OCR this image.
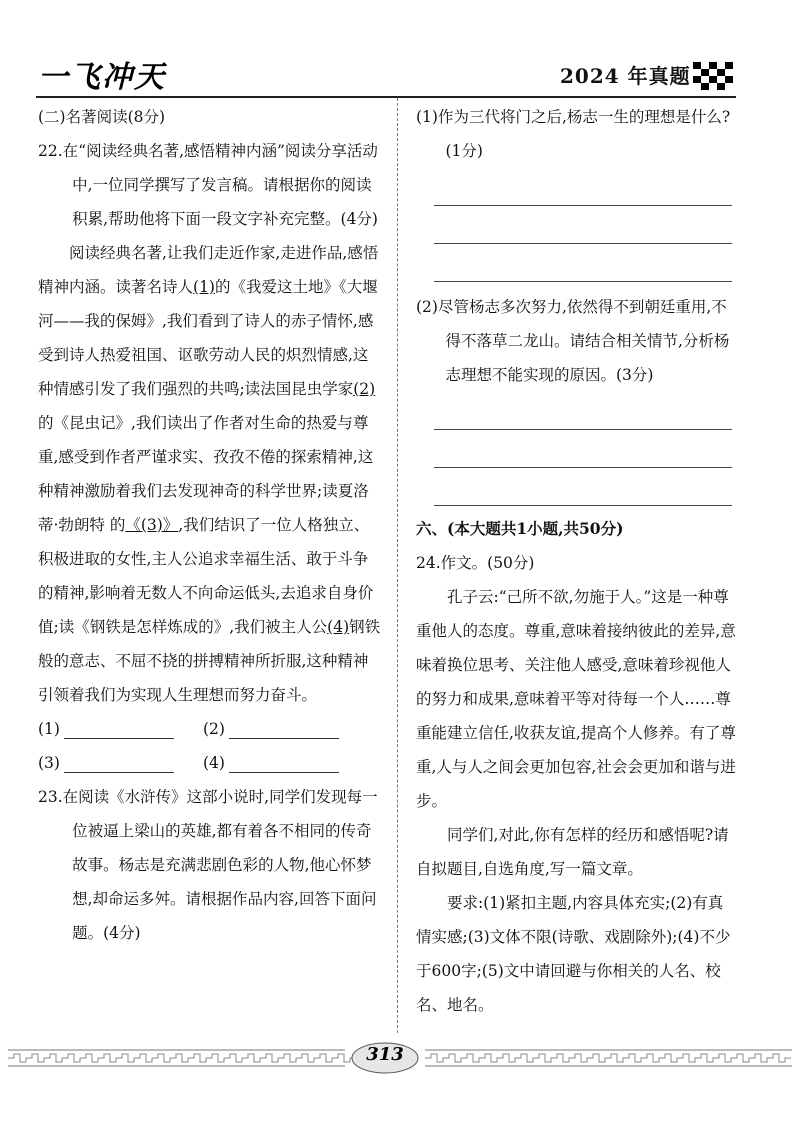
一飞冲天	2024 年真题

(二)名著阅读(8分)

22.在“阅读经典名著,感悟精神内涵”阅读分享活动中,一位同学撰写了发言稿。请根据你的阅读积累,帮助他将下面一段文字补充完整。(4分)

阅读经典名著,让我们走近作家,走进作品,感悟精神内涵。读著名诗人(1)的《我爱这土地》《大堰河——我的保姆》,我们看到了诗人的赤子情怀,感受到诗人热爱祖国、讴歌劳动人民的炽烈情感,这种情感引发了我们强烈的共鸣;读法国昆虫学家(2)的《昆虫记》,我们读出了作者对生命的热爱与尊重,感受到作者严谨求实、孜孜不倦的探索精神,这种精神激励着我们去发现神奇的科学世界;读夏洛蒂·勃朗特 的《(3)》,我们结识了一位人格独立、积极进取的女性,主人公追求幸福生活、敢于斗争的精神,影响着无数人不向命运低头,去追求自身价值;读《钢铁是怎样炼成的》,我们被主人公(4)钢铁般的意志、不屈不挠的拼搏精神所折服,这种精神引领着我们为实现人生理想而努力奋斗。

(1)	(2)
(3)	(4)

23.在阅读《水浒传》这部小说时,同学们发现每一位被逼上梁山的英雄,都有着各不相同的传奇故事。杨志是充满悲剧色彩的人物,他心怀梦想,却命运多舛。请根据作品内容,回答下面问题。(4分)

(1)作为三代将门之后,杨志一生的理想是什么?(1分)

(2)尽管杨志多次努力,依然得不到朝廷重用,不得不落草二龙山。请结合相关情节,分析杨志理想不能实现的原因。(3分)

六、(本大题共1小题,共50分)

24.作文。(50分)

孔子云:“己所不欲,勿施于人。”这是一种尊重他人的态度。尊重,意味着接纳彼此的差异,意味着换位思考、关注他人感受,意味着珍视他人的努力和成果,意味着平等对待每一个人……尊重能建立信任,收获友谊,提高个人修养。有了尊重,人与人之间会更加包容,社会会更加和谐与进步。

同学们,对此,你有怎样的经历和感悟呢?请自拟题目,自选角度,写一篇文章。

要求:(1)紧扣主题,内容具体充实;(2)有真情实感;(3)文体不限(诗歌、戏剧除外);(4)不少于600字;(5)文中请回避与你相关的人名、校名、地名。

313
